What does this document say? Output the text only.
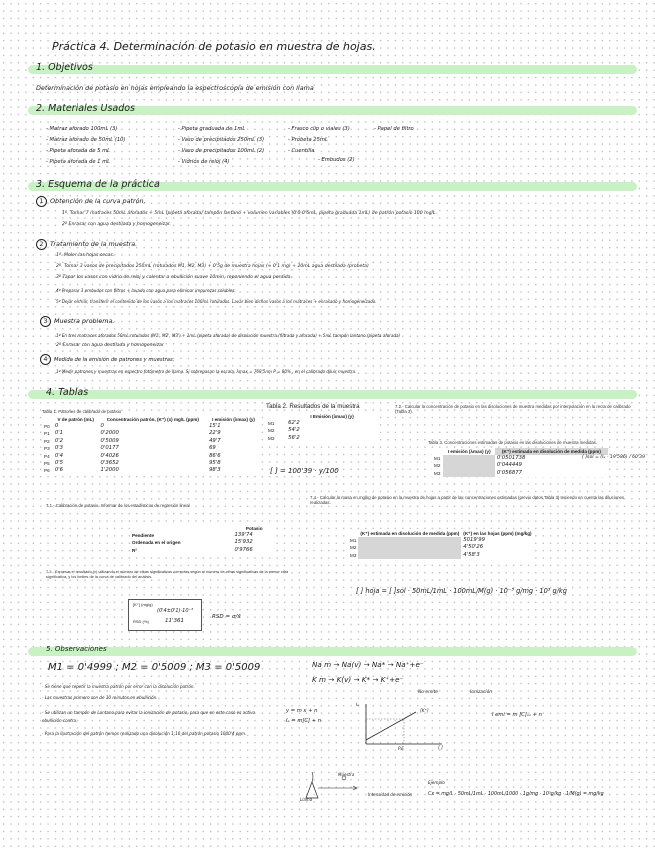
Práctica 4. Determinación de potasio en muestra de hojas.
1. Objetivos
Determinación de potasio en hojas empleando la espectroscopia de emisión con llama
2. Materiales Usados
- Matraz aforado 100mL (3)
- Matraz aforado de 50mL (10)
- Pipeta aforada de 5 mL
- Pipeta aforada de 1 mL
- Pipeta graduada de 1mL
- Vaso de precipitados 250mL (3)
- Vaso de precipitados 100mL (2)
- Vidrios de reloj (4)
- Frasco clip o viales (3)
- Probeta 25mL
- Cuentilla

- Papel de filtro
- Embudos (2)
3. Esquema de la práctica
1 Obtención de la curva patrón.
1º. Tomar 7 matraces 50mL aforados + 5mL (pipeta aforada) tampón lantano + volumen variables (0'0-0'6mL, pipeta graduada 1mL) de patrón potasio 100 mg/L.
2º Enrasar con agua destilada y homogeneizar.
2 Tratamiento de la muestra.
1º. Moler las hojas secas.
2º. Tomar 3 vasos de precipitados 250mL (rotulados M1, M2, M3) + 0'5g de muestra hojas (≈ 0'1 mg) + 20mL agua destilada (probeta)
3º Tapar los vasos con vidrio de reloj y calentar a ebullición suave 10min, reponiendo el agua perdida.
4º Preparar 3 embudos con filtros + lavado con agua para eliminar impurezas solubles.
5º Dejar enfriar, transferir el contenido de los vasos a los matraces 100mL rotulados. Lavar bien dichos vasos a los matraces + enrasado y homogeneizado.
3 Muestra problema.
1º En tres matraces aforados 50mL rotulados (M1', M2', M3') + 1mL (pipeta aforada) de disolución muestra (filtrada y aforada) + 5mL tampón lantano (pipeta aforada)
2º Enrasar con agua destilada y homogeneizar
4 Medida de la emisión de patrones y muestras.
1º Medir patrones y muestras en espectro fotómetro de llama. Si sobrepasan la escala, λmax = 768'5nm P = 80% , en el calibrado diluir muestra.
4. Tablas
Tabla 1. Patrones de calibrado de potasio
	V de patrón (mL)	Concentración patrón, (K⁺) (x) mg/L (ppm)	I emisión (λmax) (y)
P0	0	0	15'1
P1	0'1	0'2000	22'9
P2	0'2	0'5009	49'7
P3	0'3	0'0177	69
P4	0'4	0'4026	86'6
P5	0'5	0'3652	95'8
P6	0'6	1'2000	98'3
Tabla 2. Resultados de la muestra
	I Emisión (λmax) (y)
M1	62'2
M2	54'2
M3	56'2
[ ] = 100'39 · y/100
7.2.- Calcular la concentración de potasio en las disoluciones de muestra medidas por interpolación en la recta de calibrado (Tabla 3).
Tabla 3. Concentraciones estimadas de potasio en las disoluciones de muestra medidas.
	I emisión (λmax) (y)	(K⁺) estimada en disolución de medida (ppm)
M1		0'0501738
M2		0'044449
M3		0'056877
[ ]sol = (Iₑ - 19'586) / 60'39
7.1.- Calibración de potasio. Informar de los estadísticos de regresión lineal
	Potasio
Pendiente	139'74
Ordenada en el origen	15'932
R²	0'9766
7.4.- Calcular la masa en mg/kg de potasio en la muestra de hojas a partir de las concentraciones estimadas (previo datos Tabla 3) teniendo en cuenta las diluciones realizadas.
	(K⁺) estimada en disolución de medida (ppm)	(K⁺) en las hojas (ppm) (mg/kg)
M1		5019'99
M2		4'50'26
M3		4'58'3
[ ] hoja = [ ]sol · 50mL/1mL · 100mL/M(g) · 10⁻³ g/mg · 10³ g/kg
7.3.- Expresar el resultado (x) utilizando el número de cifras significativas correctas según el número de cifras significativas de la menor cifra significativa, y los limites de la curva de calibrado del análisis.
[K⁺] (mg/g)
(0'4±0'1)·10⁻³
RSD (%)	11'361
RSD = σ/x̄
5. Observaciones
M1 = 0'4999 ; M2 = 0'5009 ; M3 = 0'5009
- Se tiene que repetir la muestra patrón por error con la disolución patrón.
- Las muestras primero son de 10 minutos en ebullición.
- Se utilizan un tampón de Lantano para evitar la ionización de potasio, para que en este caso es activo ebullición contra.
- Para la Ilustración del patrón hemos realizado una disolución 1:10 del patrón potasio 1000'4 ppm.
Na m → Na(v) → Na* → Na⁺+e⁻
K m → K(v) → K* → K⁺+e⁻
Ionización
No emite
y = m x + n
Iₑ = m[C] + n
I emi = m [C]ₒₛ + n
Iₑ
[K⁺]
[ ]
P.E
Llama
Muestra
Intensidad de emisión
Ejemplo
Cx = mg/L · 50mL/1mL · 100mL/1000 · 1g/mg · 10³g/kg · 1/M(g) = mg/kg
